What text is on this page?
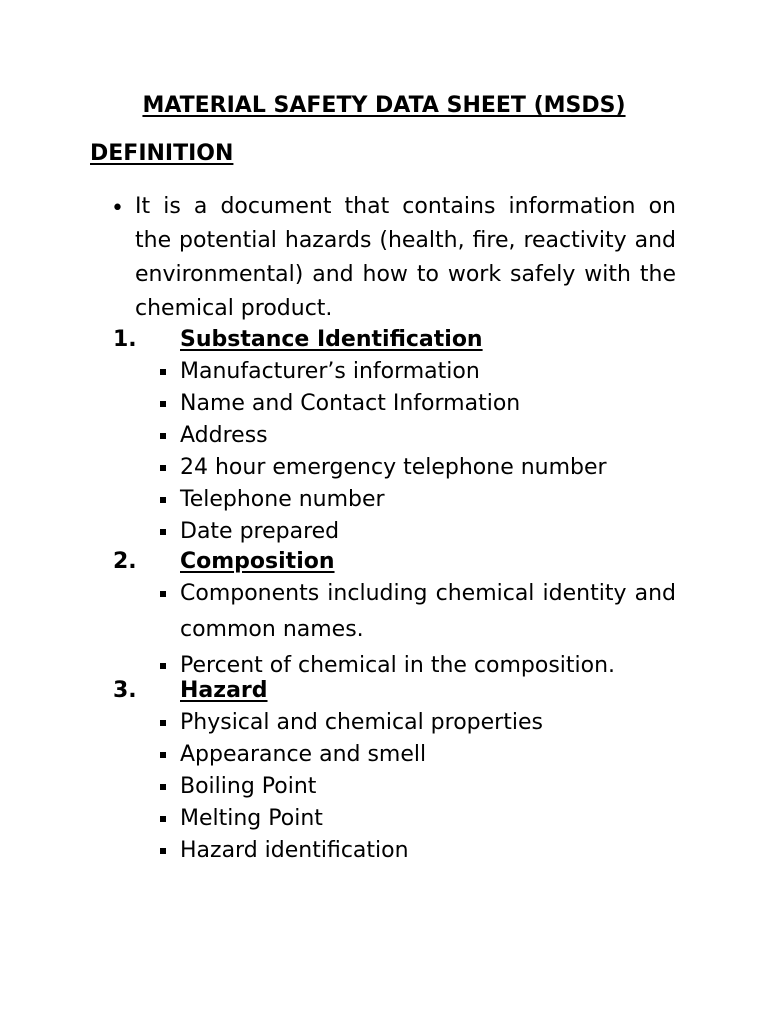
MATERIAL SAFETY DATA SHEET (MSDS)
DEFINITION
• It is a document that contains information on the potential hazards (health, fire, reactivity and environmental) and how to work safely with the chemical product.
1. Substance Identification
Manufacturer’s information
Name and Contact Information
Address
24 hour emergency telephone number
Telephone number
Date prepared
2. Composition
Components including chemical identity and common names.
Percent of chemical in the composition.
3. Hazard
Physical and chemical properties
Appearance and smell
Boiling Point
Melting Point
Hazard identification
